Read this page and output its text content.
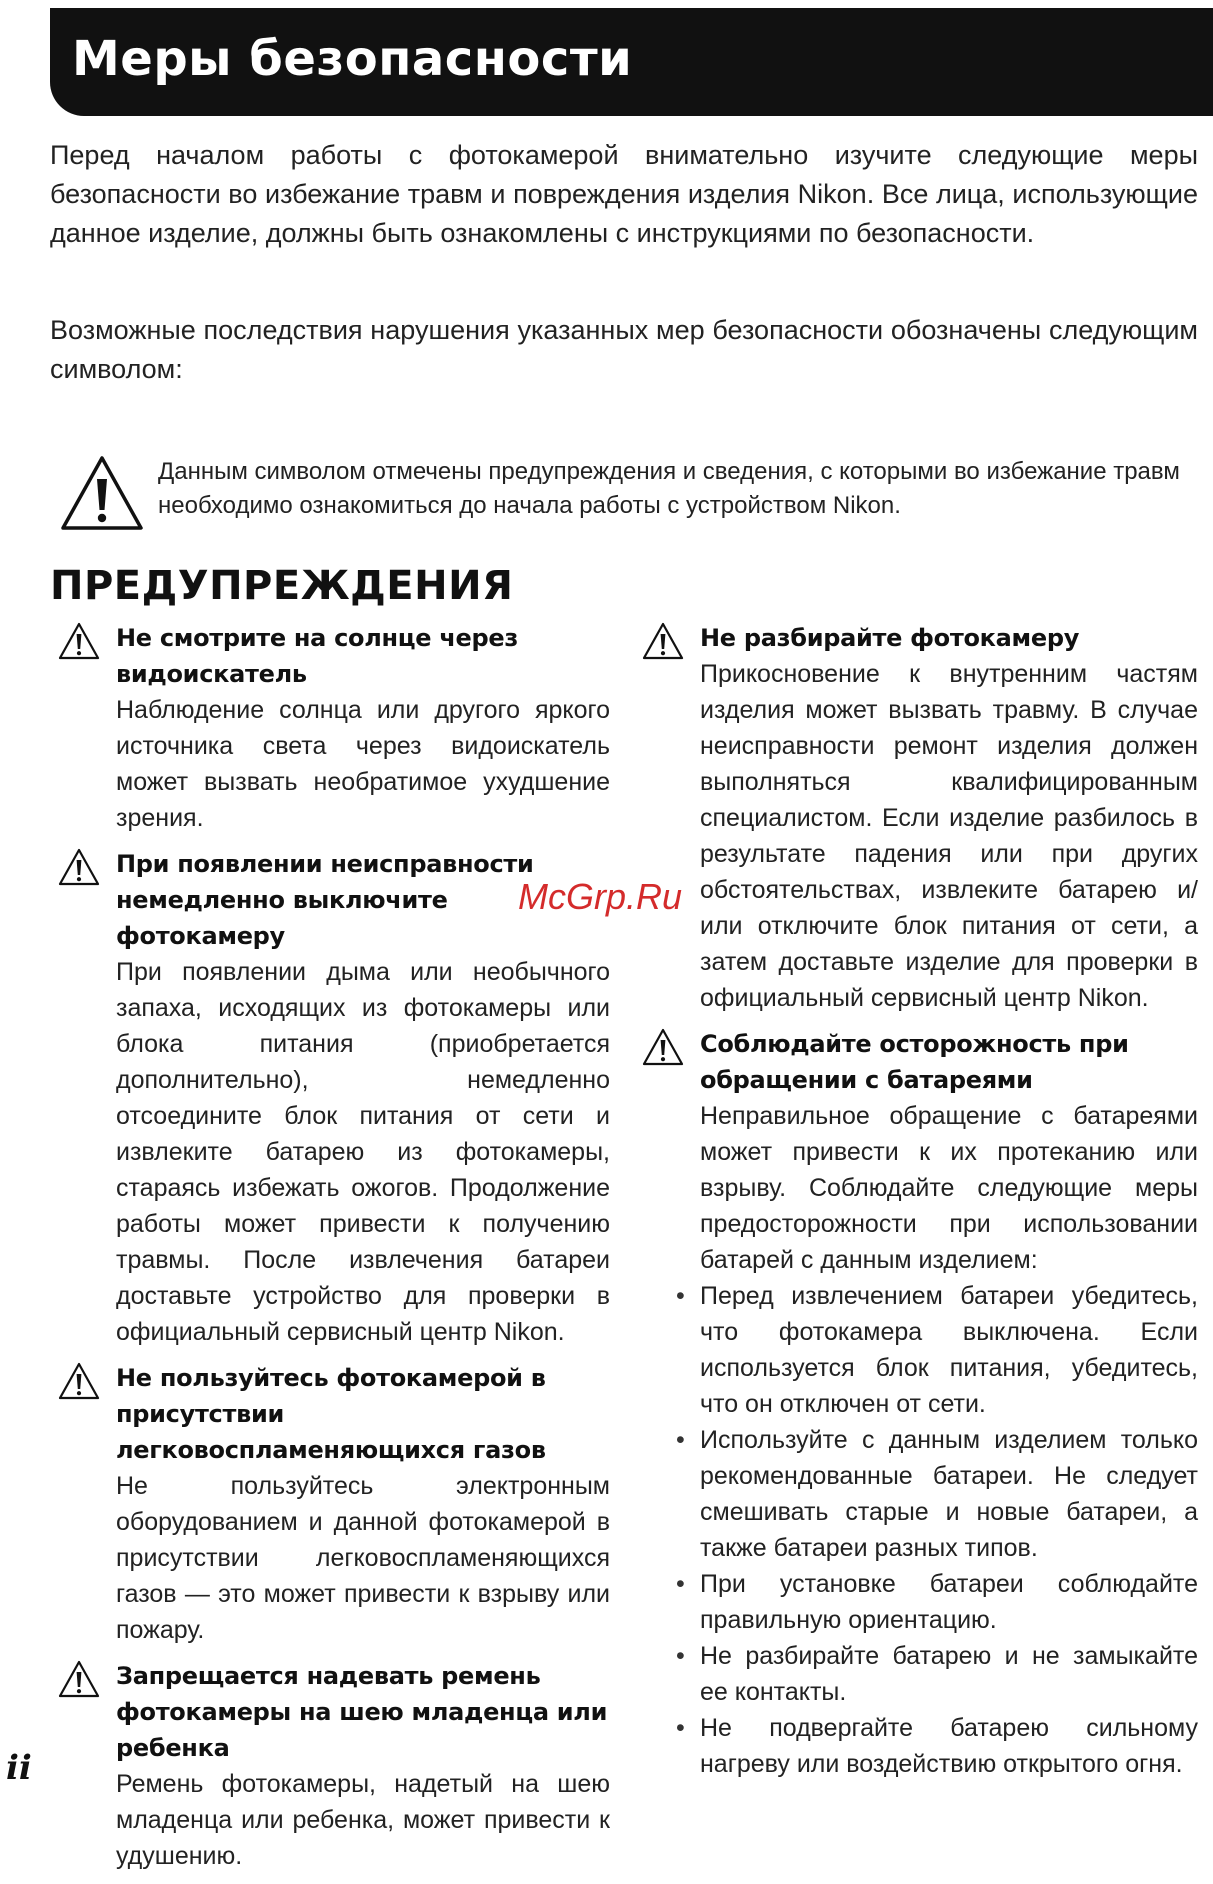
Меры безопасности

Перед началом работы с фотокамерой внимательно изучите следующие меры безопасности во избежание травм и повреждения изделия Nikon. Все лица, использующие данное изделие, должны быть ознакомлены с инструкциями по безопасности.

Возможные последствия нарушения указанных мер безопасности обозначены следующим символом:

Данным символом отмечены предупреждения и сведения, с которыми во избежание травм необходимо ознакомиться до начала работы с устройством Nikon.

ПРЕДУПРЕЖДЕНИЯ
Не смотрите на солнце через видоискатель

Наблюдение солнца или другого яркого источника света через видоискатель может вызвать необратимое ухудшение зрения.

При появлении неисправности немедленно выключите фотокамеру

При появлении дыма или необычного запаха, исходящих из фотокамеры или блока питания (приобретается дополнительно), немедленно отсоедините блок питания от сети и извлеките батарею из фотокамеры, стараясь избежать ожогов. Продолжение работы может привести к получению травмы. После извлечения батареи доставьте устройство для проверки в официальный сервисный центр Nikon.

Не пользуйтесь фотокамерой в присутствии легковоспламеняющихся газов

Не пользуйтесь электронным оборудованием и данной фотокамерой в присутствии легковоспламеняющихся газов — это может привести к взрыву или пожару.

Запрещается надевать ремень фотокамеры на шею младенца или ребенка

Ремень фотокамеры, надетый на шею младенца или ребенка, может привести к удушению.

Не разбирайте фотокамеру

Прикосновение к внутренним частям изделия может вызвать травму. В случае неисправности ремонт изделия должен выполняться квалифицированным специалистом. Если изделие разбилось в результате падения или при других обстоятельствах, извлеките батарею и/или отключите блок питания от сети, а затем доставьте изделие для проверки в официальный сервисный центр Nikon.

Соблюдайте осторожность при обращении с батареями

Неправильное обращение с батареями может привести к их протеканию или взрыву. Соблюдайте следующие меры предосторожности при использовании батарей с данным изделием:

• Перед извлечением батареи убедитесь, что фотокамера выключена. Если используется блок питания, убедитесь, что он отключен от сети.
• Используйте с данным изделием только рекомендованные батареи. Не следует смешивать старые и новые батареи, а также батареи разных типов.
• При установке батареи соблюдайте правильную ориентацию.
• Не разбирайте батарею и не замыкайте ее контакты.
• Не подвергайте батарею сильному нагреву или воздействию открытого огня.
McGrp.Ru
ii
